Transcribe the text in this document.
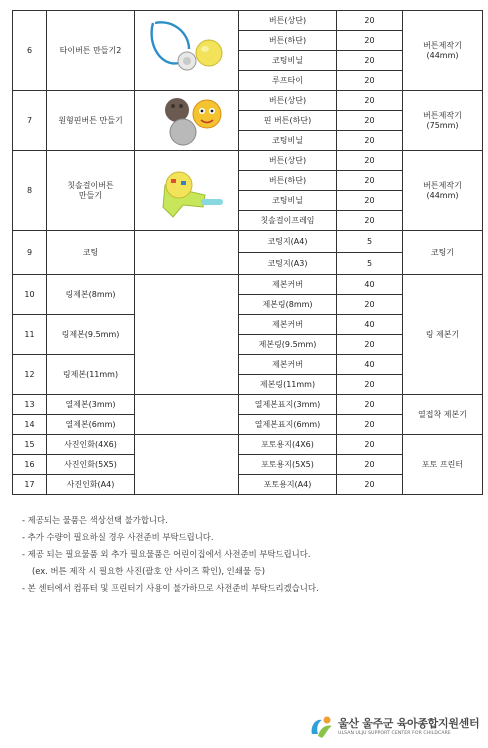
6	타이버튼 만들기2		버튼(상단)	20	버튼제작기
(44mm)
			버튼(하단)	20	
			코팅비닐	20	
			루프타이	20	
7	원형핀버튼 만들기		버튼(상단)	20	버튼제작기
(75mm)
			핀 버튼(하단)	20	
			코팅비닐	20	
8	칫솔걸이버튼
만들기		버튼(상단)	20	버튼제작기
(44mm)
			버튼(하단)	20	
			코팅비닐	20	
			칫솔걸이프레임	20	
9	코팅		코팅지(A4)	5	코팅기
			코팅지(A3)	5	
10	링제본(8mm)		제본커버	40	링 제본기
			제본링(8mm)	20	
11	링제본(9.5mm)		제본커버	40	
			제본링(9.5mm)	20	
12	링제본(11mm)		제본커버	40	
			제본링(11mm)	20	
13	열제본(3mm)		열제본표지(3mm)	20	열접착 제본기
14	열제본(6mm)		열제본표지(6mm)	20	
15	사진인화(4X6)		포토용지(4X6)	20	포토 프린터
16	사진인화(5X5)		포토용지(5X5)	20	
17	사진인화(A4)		포토용지(A4)	20	
- 제공되는 물품은 색상선택 불가합니다.
- 추가 수량이 필요하실 경우 사전준비 부탁드립니다.
- 제공 되는 필요물품 외 추가 필요물품은 어린이집에서 사전준비 부탁드립니다.
(ex. 버튼 제작 시 필요한 사진(괄호 안 사이즈 확인), 인쇄물 등)
- 본 센터에서 컴퓨터 및 프린터기 사용이 불가하므로 사전준비 부탁드리겠습니다.
울산 울주군 육아종합지원센터
ULSAN ULJU SUPPORT CENTER FOR CHILDCARE
